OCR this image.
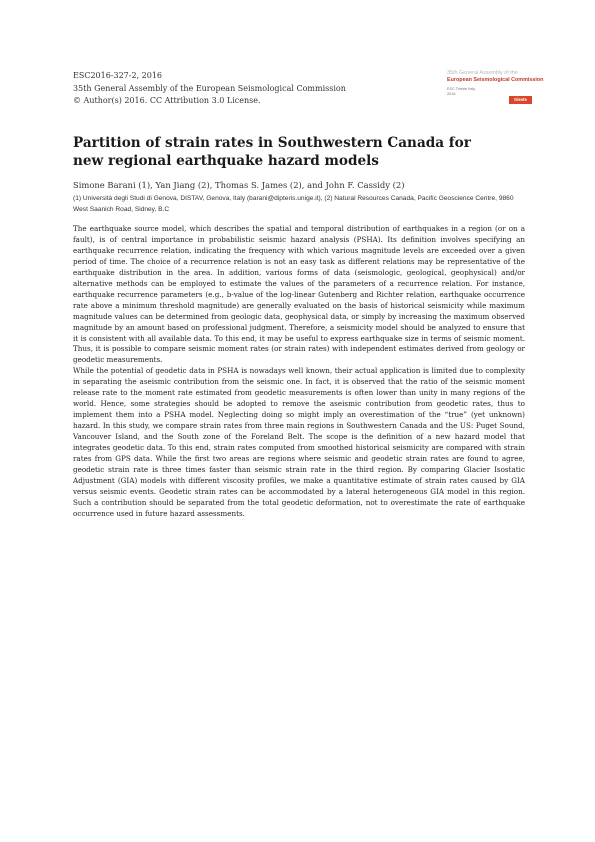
ESC2016-327-2, 2016
35th General Assembly of the European Seismological Commission
© Author(s) 2016. CC Attribution 3.0 License.
35th General Assembly of the
European Seismological Commission
ESC Trieste Italy
2016
trieste
Partition of strain rates in Southwestern Canada for new regional earthquake hazard models
Simone Barani (1), Yan Jiang (2), Thomas S. James (2), and John F. Cassidy (2)
(1) Università degli Studi di Genova, DISTAV, Genova, Italy (barani@dipteris.unige.it), (2) Natural Resources Canada, Pacific Geoscience Centre, 9860 West Saanich Road, Sidney, B.C

The earthquake source model, which describes the spatial and temporal distribution of earthquakes in a region (or on a fault), is of central importance in probabilistic seismic hazard analysis (PSHA). Its definition involves specifying an earthquake recurrence relation, indicating the frequency with which various magnitude levels are exceeded over a given period of time. The choice of a recurrence relation is not an easy task as different relations may be representative of the earthquake distribution in the area. In addition, various forms of data (seismologic, geological, geophysical) and/or alternative methods can be employed to estimate the values of the parameters of a recurrence relation. For instance, earthquake recurrence parameters (e.g., b-value of the log-linear Gutenberg and Richter relation, earthquake occurrence rate above a minimum threshold magnitude) are generally evaluated on the basis of historical seismicity while maximum magnitude values can be determined from geologic data, geophysical data, or simply by increasing the maximum observed magnitude by an amount based on professional judgment. Therefore, a seismicity model should be analyzed to ensure that it is consistent with all available data. To this end, it may be useful to express earthquake size in terms of seismic moment. Thus, it is possible to compare seismic moment rates (or strain rates) with independent estimates derived from geology or geodetic measurements.

While the potential of geodetic data in PSHA is nowadays well known, their actual application is limited due to complexity in separating the aseismic contribution from the seismic one. In fact, it is observed that the ratio of the seismic moment release rate to the moment rate estimated from geodetic measurements is often lower than unity in many regions of the world. Hence, some strategies should be adopted to remove the aseismic contribution from geodetic rates, thus to implement them into a PSHA model. Neglecting doing so might imply an overestimation of the “true” (yet unknown) hazard. In this study, we compare strain rates from three main regions in Southwestern Canada and the US: Puget Sound, Vancouver Island, and the South zone of the Foreland Belt. The scope is the definition of a new hazard model that integrates geodetic data. To this end, strain rates computed from smoothed historical seismicity are compared with strain rates from GPS data. While the first two areas are regions where seismic and geodetic strain rates are found to agree, geodetic strain rate is three times faster than seismic strain rate in the third region. By comparing Glacier Isostatic Adjustment (GIA) models with different viscosity profiles, we make a quantitative estimate of strain rates caused by GIA versus seismic events. Geodetic strain rates can be accommodated by a lateral heterogeneous GIA model in this region. Such a contribution should be separated from the total geodetic deformation, not to overestimate the rate of earthquake occurrence used in future hazard assessments.
